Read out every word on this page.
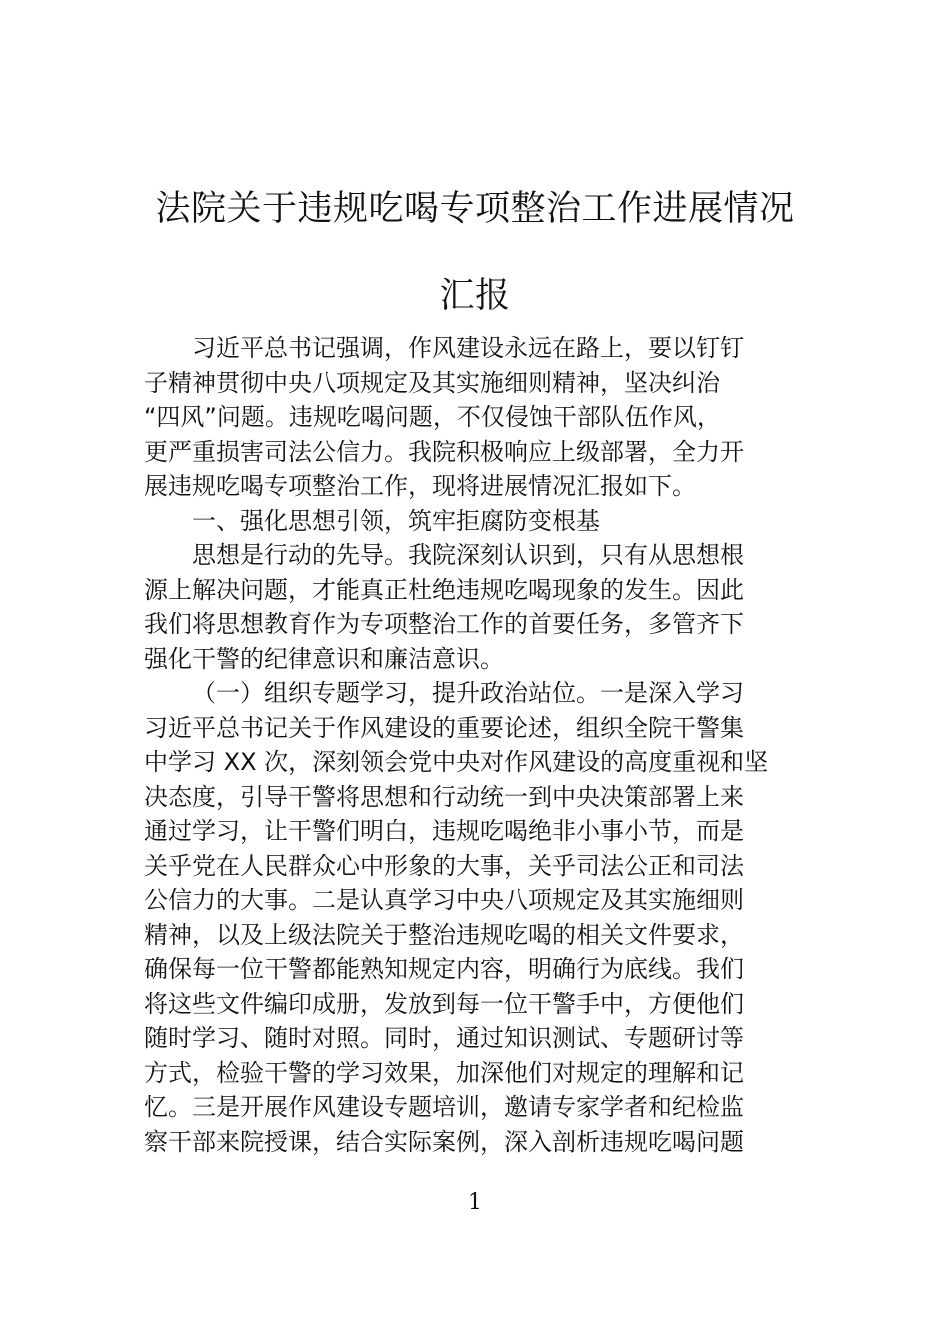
法院关于违规吃喝专项整治工作进展情况
汇报
习近平总书记强调，作风建设永远在路上，要以钉钉
子精神贯彻中央八项规定及其实施细则精神，坚决纠治
“四风”问题。违规吃喝问题，不仅侵蚀干部队伍作风，
更严重损害司法公信力。我院积极响应上级部署，全力开
展违规吃喝专项整治工作，现将进展情况汇报如下。
一、强化思想引领，筑牢拒腐防变根基
思想是行动的先导。我院深刻认识到，只有从思想根
源上解决问题，才能真正杜绝违规吃喝现象的发生。因此
我们将思想教育作为专项整治工作的首要任务，多管齐下
强化干警的纪律意识和廉洁意识。
（一）组织专题学习，提升政治站位。一是深入学习
习近平总书记关于作风建设的重要论述，组织全院干警集
中学习 XX 次，深刻领会党中央对作风建设的高度重视和坚
决态度，引导干警将思想和行动统一到中央决策部署上来
通过学习，让干警们明白，违规吃喝绝非小事小节，而是
关乎党在人民群众心中形象的大事，关乎司法公正和司法
公信力的大事。二是认真学习中央八项规定及其实施细则
精神，以及上级法院关于整治违规吃喝的相关文件要求，
确保每一位干警都能熟知规定内容，明确行为底线。我们
将这些文件编印成册，发放到每一位干警手中，方便他们
随时学习、随时对照。同时，通过知识测试、专题研讨等
方式，检验干警的学习效果，加深他们对规定的理解和记
忆。三是开展作风建设专题培训，邀请专家学者和纪检监
察干部来院授课，结合实际案例，深入剖析违规吃喝问题
1
